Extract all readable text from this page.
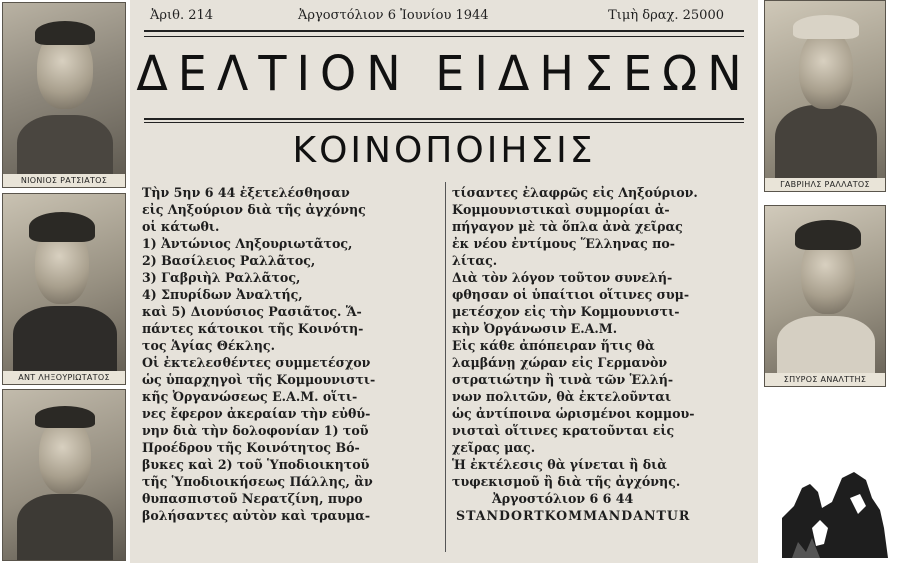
ΝΙΟΝΙΟΣ ΡΑΤΣΙΑΤΟΣ
ΑΝΤ ΛΗΞΟΥΡΙΩΤΑΤΟΣ
ΓΑΒΡΙΗΛΣ ΡΑΛΛΑΤΟΣ
ΣΠΥΡΟΣ ΑΝΑΛΤΤΗΣ
Ἀριθ. 214	Ἀργοστόλιον 6 Ἰουνίου 1944	Τιμὴ δραχ. 25000
ΔΕΛΤΙΟΝ ΕΙΔΗΣΕΩΝ
ΚΟΙΝΟΠΟΙΗΣΙΣ

Τὴν 5ην 6 44 ἐξετελέσθησαν

εἰς Ληξούριον διὰ τῆς ἀγχόνης

οἱ κάτωθι.

1) Ἀντώνιος Ληξουριωτᾶτος,

2) Βασίλειος Ραλλᾶτος,

3) Γαβριὴλ Ραλλᾶτος,

4) Σπυρίδων Ἀναλτής,

καὶ 5) Διονύσιος Ρασιᾶτος. Ἅ-

πάντες κάτοικοι τῆς Κοινότη-

τος Ἁγίας Θέκλης.

Οἱ ἐκτελεσθέντες συμμετέσχον

ὡς ὑπαρχηγοὶ τῆς Κομμουνιστι-

κῆς Ὀργανώσεως Ε.Α.Μ. οἵτι-

νες ἔφερον ἀκεραίαν τὴν εὐθύ-

νην διὰ τὴν δολοφονίαν 1) τοῦ

Προέδρου τῆς Κοινότητος Βό-

βυκες καὶ 2) τοῦ Ὑποδιοικητοῦ

τῆς Ὑποδιοικήσεως Πάλλης, ἂν

θυπασπιστοῦ Νερατζίνη, πυρο

βολήσαντες αὐτὸν καὶ τραυμα-

τίσαντες ἐλαφρῶς εἰς Ληξούριον.

Κομμουνιστικαὶ συμμορίαι ἀ-

πήγαγον μὲ τὰ ὅπλα ἀνὰ χεῖρας

ἐκ νέου ἐντίμους Ἕλληνας πο-

λίτας.

Διὰ τὸν λόγον τοῦτον συνελή-

φθησαν οἱ ὑπαίτιοι οἵτινες συμ-

μετέσχον εἰς τὴν Κομμουνιστι-

κὴν Ὀργάνωσιν Ε.Α.Μ.

Εἰς κάθε ἀπόπειραν ἥτις θὰ

λαμβάνῃ χώραν εἰς Γερμανὸν

στρατιώτην ἢ τινὰ τῶν Ἑλλή-

νων πολιτῶν, θὰ ἐκτελοῦνται

ὡς ἀντίποινα ὡρισμένοι κομμου-

νισταὶ οἵτινες κρατοῦνται εἰς

χεῖρας μας.

Ἡ ἐκτέλεσις θὰ γίνεται ἢ διὰ

τυφεκισμοῦ ἢ διὰ τῆς ἀγχόνης.

Ἀργοστόλιον 6 6 44

STANDORTKOMMANDANTUR
